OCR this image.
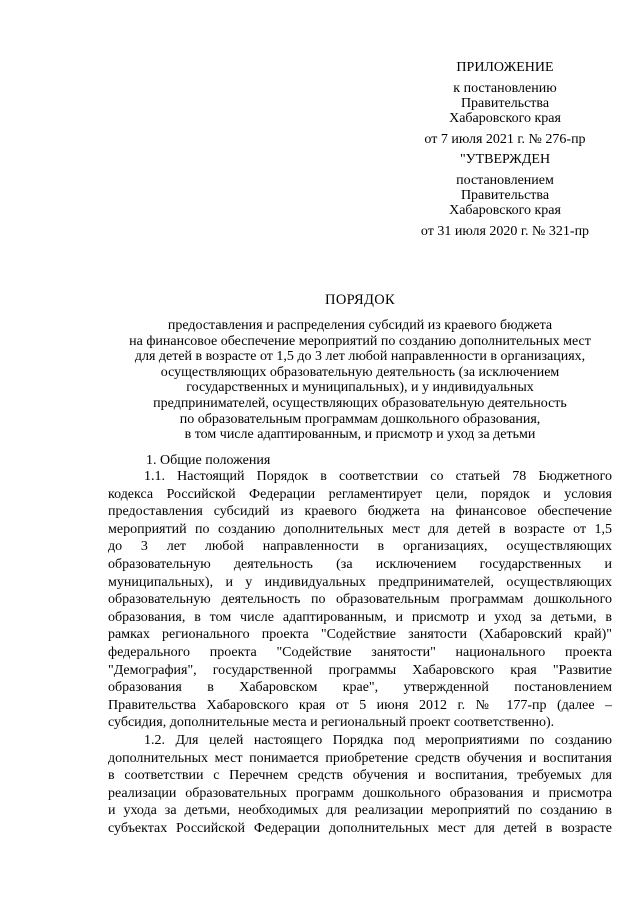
ПРИЛОЖЕНИЕ
к постановлению
Правительства
Хабаровского края
от 7 июля 2021 г. № 276-пр
"УТВЕРЖДЕН
постановлением
Правительства
Хабаровского края
от 31 июля 2020 г. № 321-пр
ПОРЯДОК
предоставления и распределения субсидий из краевого бюджета
на финансовое обеспечение мероприятий по созданию дополнительных мест
для детей в возрасте от 1,5 до 3 лет любой направленности в организациях,
осуществляющих образовательную деятельность (за исключением
государственных и муниципальных), и у индивидуальных
предпринимателей, осуществляющих образовательную деятельность
по образовательным программам дошкольного образования,
в том числе адаптированным, и присмотр и уход за детьми
1. Общие положения
1.1. Настоящий Порядок в соответствии со статьей 78 Бюджетного
кодекса Российской Федерации регламентирует цели, порядок и условия
предоставления субсидий из краевого бюджета на финансовое обеспечение
мероприятий по созданию дополнительных мест для детей в возрасте от 1,5
до 3 лет любой направленности в организациях, осуществляющих
образовательную деятельность (за исключением государственных и
муниципальных), и у индивидуальных предпринимателей, осуществляющих
образовательную деятельность по образовательным программам дошкольного
образования, в том числе адаптированным, и присмотр и уход за детьми, в
рамках регионального проекта "Содействие занятости (Хабаровский край)"
федерального проекта "Содействие занятости" национального проекта
"Демография", государственной программы Хабаровского края "Развитие
образования в Хабаровском крае", утвержденной постановлением
Правительства Хабаровского края от 5 июня 2012 г. № 177-пр (далее –
субсидия, дополнительные места и региональный проект соответственно).
1.2. Для целей настоящего Порядка под мероприятиями по созданию
дополнительных мест понимается приобретение средств обучения и воспитания
в соответствии с Перечнем средств обучения и воспитания, требуемых для
реализации образовательных программ дошкольного образования и присмотра
и ухода за детьми, необходимых для реализации мероприятий по созданию в
субъектах Российской Федерации дополнительных мест для детей в возрасте
